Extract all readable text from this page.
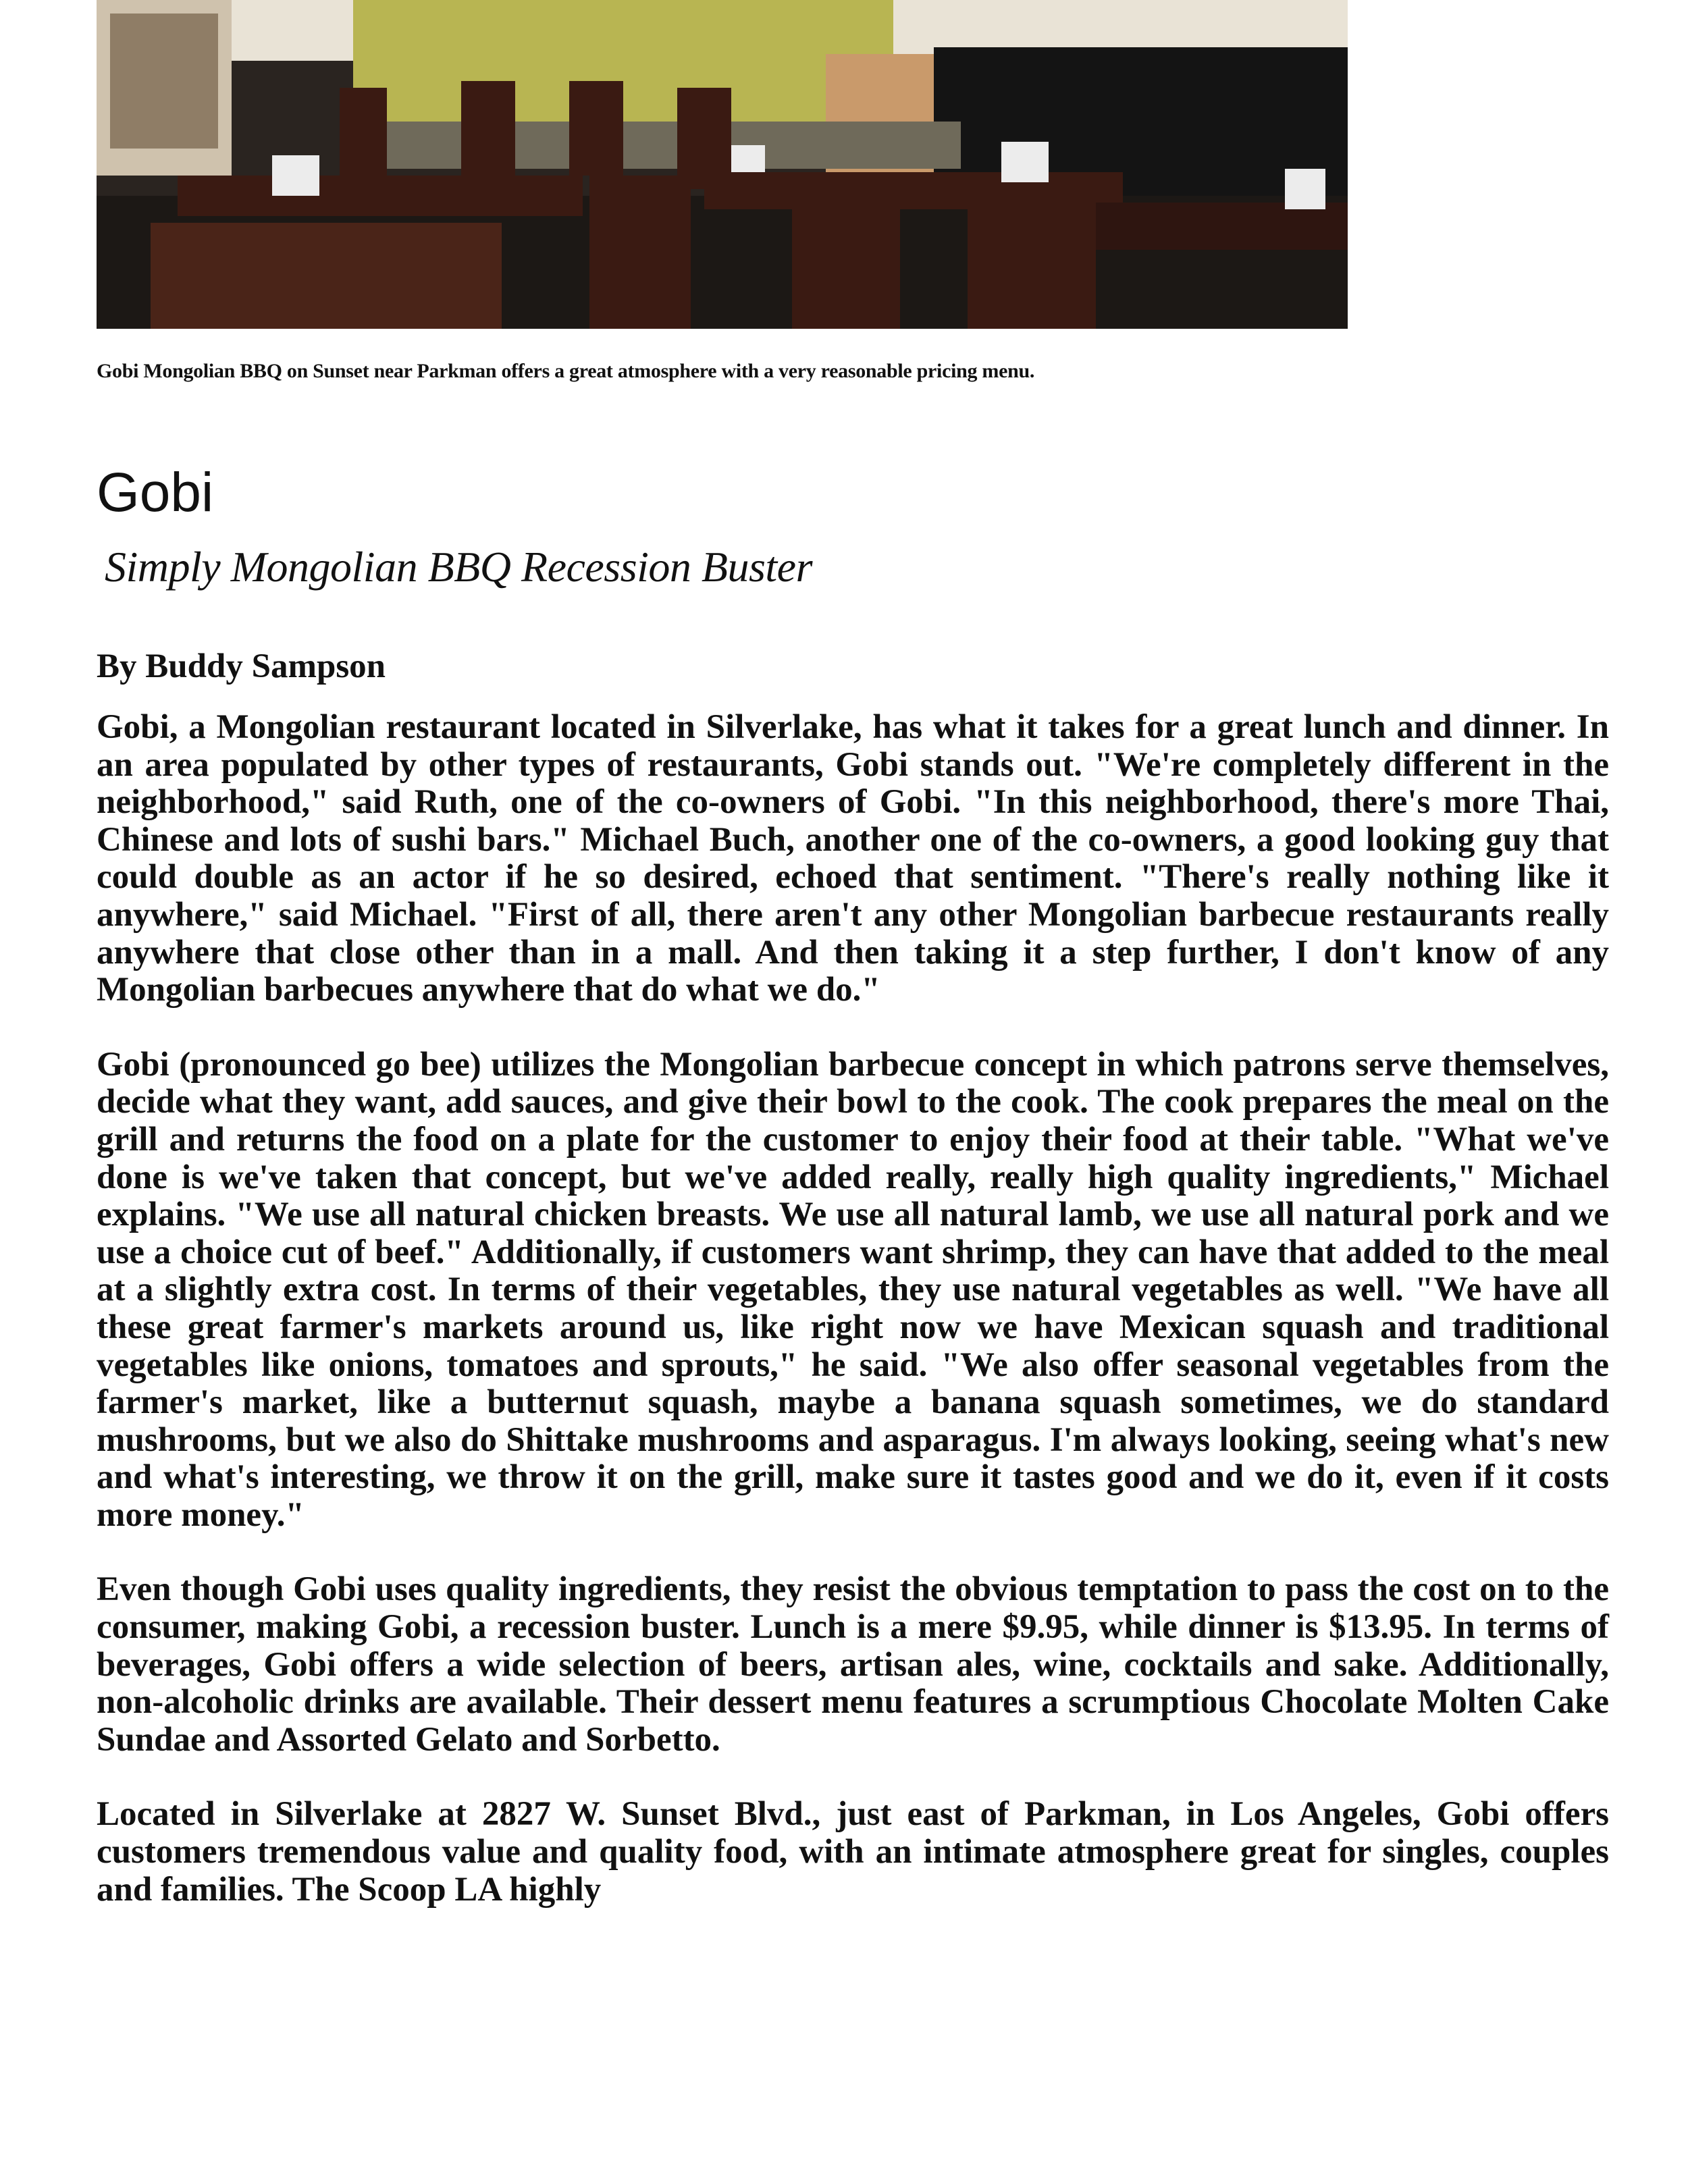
Gobi Mongolian BBQ on Sunset near Parkman offers a great atmosphere with a very reasonable pricing menu.
Gobi
Simply Mongolian BBQ Recession Buster

By Buddy Sampson

Gobi, a Mongolian restaurant located in Silverlake, has what it takes for a great lunch and dinner. In an area populated by other types of restaurants, Gobi stands out. "We're completely different in the neighborhood," said Ruth, one of the co-owners of Gobi. "In this neighborhood, there's more Thai, Chinese and lots of sushi bars." Michael Buch, another one of the co-owners, a good looking guy that could double as an actor if he so desired, echoed that sentiment. "There's really nothing like it anywhere," said Michael. "First of all, there aren't any other Mongolian barbecue restaurants really anywhere that close other than in a mall. And then taking it a step further, I don't know of any Mongolian barbecues anywhere that do what we do."

Gobi (pronounced go bee) utilizes the Mongolian barbecue concept in which patrons serve themselves, decide what they want, add sauces, and give their bowl to the cook. The cook prepares the meal on the grill and returns the food on a plate for the customer to enjoy their food at their table. "What we've done is we've taken that concept, but we've added really, really high quality ingredients," Michael explains. "We use all natural chicken breasts. We use all natural lamb, we use all natural pork and we use a choice cut of beef." Additionally, if customers want shrimp, they can have that added to the meal at a slightly extra cost. In terms of their vegetables, they use natural vegetables as well. "We have all these great farmer's markets around us, like right now we have Mexican squash and traditional vegetables like onions, tomatoes and sprouts," he said. "We also offer seasonal vegetables from the farmer's market, like a butternut squash, maybe a banana squash sometimes, we do standard mushrooms, but we also do Shittake mushrooms and asparagus. I'm always looking, seeing what's new and what's interesting, we throw it on the grill, make sure it tastes good and we do it, even if it costs more money."

Even though Gobi uses quality ingredients, they resist the obvious temptation to pass the cost on to the consumer, making Gobi, a recession buster. Lunch is a mere $9.95, while dinner is $13.95. In terms of beverages, Gobi offers a wide selection of beers, artisan ales, wine, cocktails and sake. Additionally, non-alcoholic drinks are available. Their dessert menu features a scrumptious Chocolate Molten Cake Sundae and Assorted Gelato and Sorbetto.

Located in Silverlake at 2827 W. Sunset Blvd., just east of Parkman, in Los Angeles, Gobi offers customers tremendous value and quality food, with an intimate atmosphere great for singles, couples and families. The Scoop LA highly
